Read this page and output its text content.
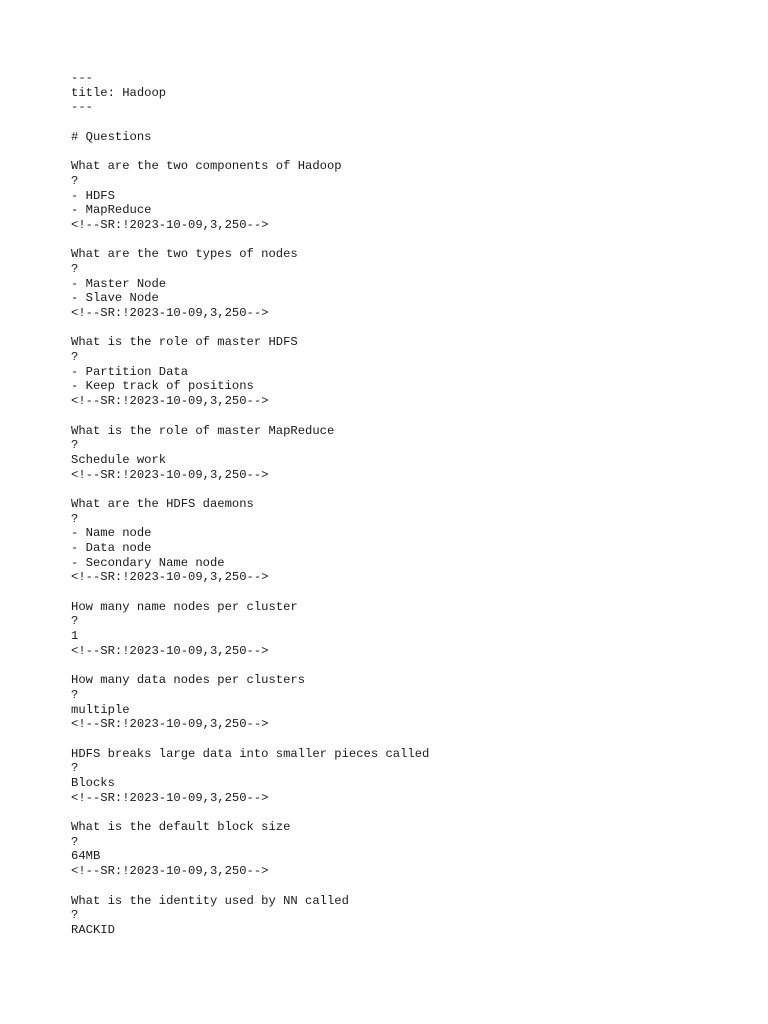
---
title: Hadoop
---
# Questions
What are the two components of Hadoop
?
- HDFS
- MapReduce
<!--SR:!2023-10-09,3,250-->
What are the two types of nodes
?
- Master Node
- Slave Node
<!--SR:!2023-10-09,3,250-->
What is the role of master HDFS
?
- Partition Data
- Keep track of positions
<!--SR:!2023-10-09,3,250-->
What is the role of master MapReduce
?
Schedule work
<!--SR:!2023-10-09,3,250-->
What are the HDFS daemons
?
- Name node
- Data node
- Secondary Name node
<!--SR:!2023-10-09,3,250-->
How many name nodes per cluster
?
1
<!--SR:!2023-10-09,3,250-->
How many data nodes per clusters
?
multiple
<!--SR:!2023-10-09,3,250-->
HDFS breaks large data into smaller pieces called
?
Blocks
<!--SR:!2023-10-09,3,250-->
What is the default block size
?
64MB
<!--SR:!2023-10-09,3,250-->
What is the identity used by NN called
?
RACKID
